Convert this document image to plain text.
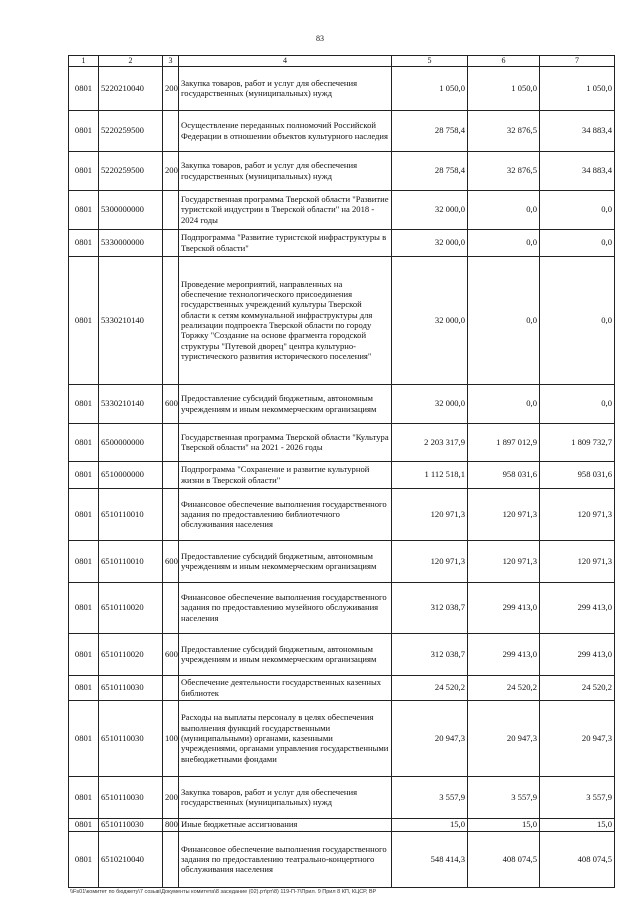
83
1	2	3	4	5	6	7
0801	5220210040	200	Закупка товаров, работ и услуг для обеспечения государственных (муниципальных) нужд	1 050,0	1 050,0	1 050,0
0801	5220259500		Осуществление переданных полномочий Российской Федерации в отношении объектов культурного наследия	28 758,4	32 876,5	34 883,4
0801	5220259500	200	Закупка товаров, работ и услуг для обеспечения государственных (муниципальных) нужд	28 758,4	32 876,5	34 883,4
0801	5300000000		Государственная программа Тверской области "Развитие туристской индустрии в Тверской области" на 2018 - 2024 годы	32 000,0	0,0	0,0
0801	5330000000		Подпрограмма "Развитие туристской инфраструктуры в Тверской области"	32 000,0	0,0	0,0
0801	5330210140		Проведение мероприятий, направленных на обеспечение технологического присоединения государственных учреждений культуры Тверской области к сетям коммунальной инфраструктуры для реализации подпроекта Тверской области по городу Торжку "Создание на основе фрагмента городской структуры "Путевой дворец" центра культурно-туристического развития исторического поселения"	32 000,0	0,0	0,0
0801	5330210140	600	Предоставление субсидий бюджетным, автономным учреждениям и иным некоммерческим организациям	32 000,0	0,0	0,0
0801	6500000000		Государственная программа Тверской области "Культура Тверской области" на 2021 - 2026 годы	2 203 317,9	1 897 012,9	1 809 732,7
0801	6510000000		Подпрограмма "Сохранение и развитие культурной жизни в Тверской области"	1 112 518,1	958 031,6	958 031,6
0801	6510110010		Финансовое обеспечение выполнения государственного задания по предоставлению библиотечного обслуживания населения	120 971,3	120 971,3	120 971,3
0801	6510110010	600	Предоставление субсидий бюджетным, автономным учреждениям и иным некоммерческим организациям	120 971,3	120 971,3	120 971,3
0801	6510110020		Финансовое обеспечение выполнения государственного задания по предоставлению музейного обслуживания населения	312 038,7	299 413,0	299 413,0
0801	6510110020	600	Предоставление субсидий бюджетным, автономным учреждениям и иным некоммерческим организациям	312 038,7	299 413,0	299 413,0
0801	6510110030		Обеспечение деятельности государственных казенных библиотек	24 520,2	24 520,2	24 520,2
0801	6510110030	100	Расходы на выплаты персоналу в целях обеспечения выполнения функций государственными (муниципальными) органами, казенными учреждениями, органами управления государственными внебюджетными фондами	20 947,3	20 947,3	20 947,3
0801	6510110030	200	Закупка товаров, работ и услуг для обеспечения государственных (муниципальных) нужд	3 557,9	3 557,9	3 557,9
0801	6510110030	800	Иные бюджетные ассигнования	15,0	15,0	15,0
0801	6510210040		Финансовое обеспечение выполнения государственного задания по предоставлению театрально-концертного обслуживания населения	548 414,3	408 074,5	408 074,5
\\Fs01\комитет по бюджету\7 созыв\Документы комитета\8 заседание (02).рт\рт\8) 119-П-7\Прил. 9 Прил 8 КП, КЦСР, ВР
